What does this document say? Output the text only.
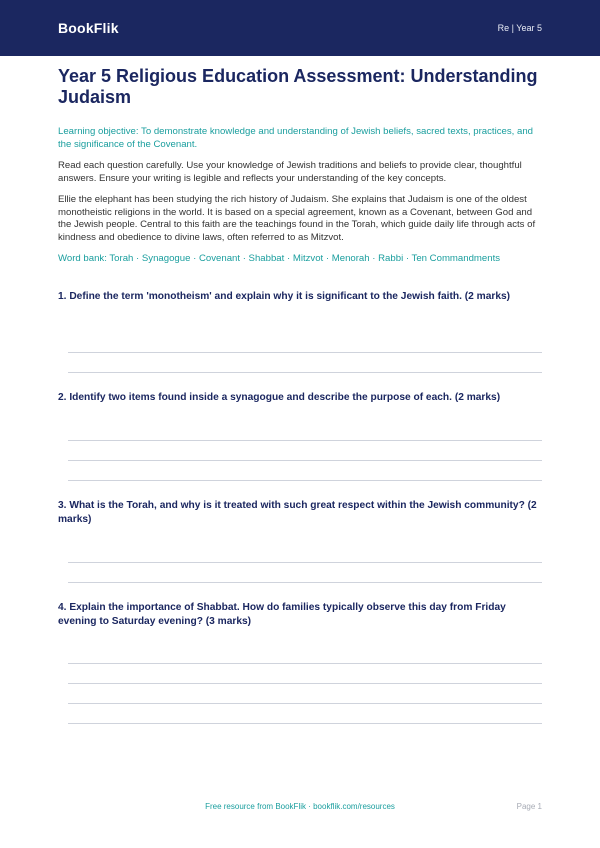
BookFlik	Re | Year 5
Year 5 Religious Education Assessment: Understanding Judaism
Learning objective: To demonstrate knowledge and understanding of Jewish beliefs, sacred texts, practices, and the significance of the Covenant.
Read each question carefully. Use your knowledge of Jewish traditions and beliefs to provide clear, thoughtful answers. Ensure your writing is legible and reflects your understanding of the key concepts.
Ellie the elephant has been studying the rich history of Judaism. She explains that Judaism is one of the oldest monotheistic religions in the world. It is based on a special agreement, known as a Covenant, between God and the Jewish people. Central to this faith are the teachings found in the Torah, which guide daily life through acts of kindness and obedience to divine laws, often referred to as Mitzvot.
Word bank: Torah · Synagogue · Covenant · Shabbat · Mitzvot · Menorah · Rabbi · Ten Commandments
1. Define the term 'monotheism' and explain why it is significant to the Jewish faith. (2 marks)
2. Identify two items found inside a synagogue and describe the purpose of each. (2 marks)
3. What is the Torah, and why is it treated with such great respect within the Jewish community? (2 marks)
4. Explain the importance of Shabbat. How do families typically observe this day from Friday evening to Saturday evening? (3 marks)
Free resource from BookFlik · bookflik.com/resources	Page 1
